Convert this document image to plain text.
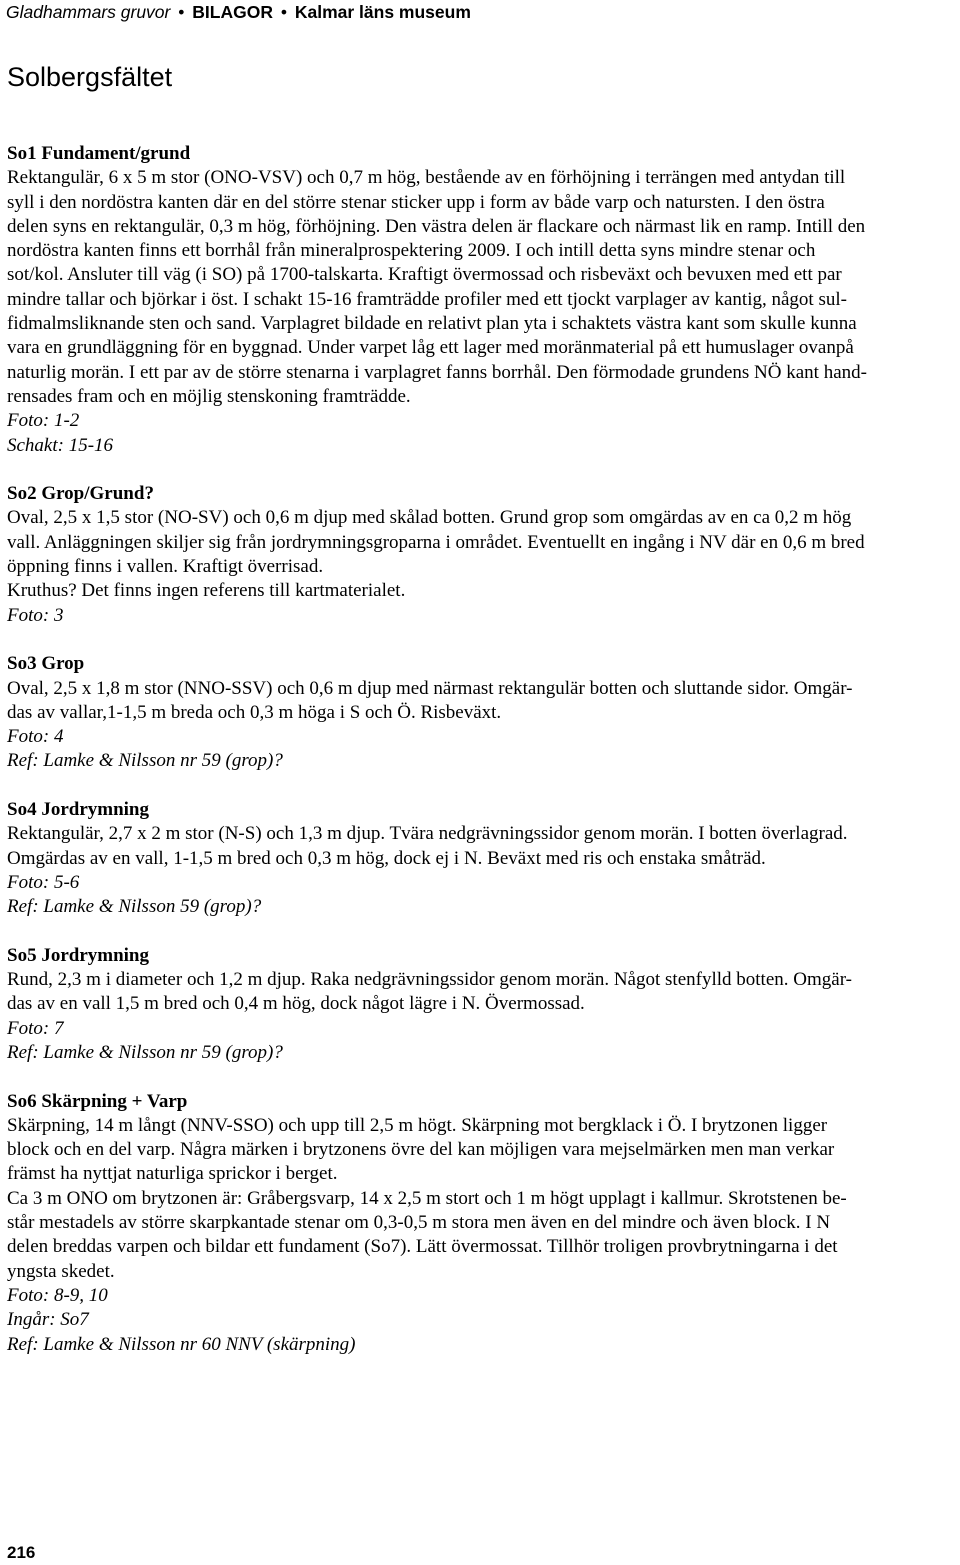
Gladhammars gruvor • BILAGOR • Kalmar läns museum
Solbergsfältet
So1 Fundament/grund
Rektangulär, 6 x 5 m stor (ONO-VSV) och 0,7 m hög, bestående av en förhöjning i terrängen med antydan till
syll i den nordöstra kanten där en del större stenar sticker upp i form av både varp och natursten. I den östra
delen syns en rektangulär, 0,3 m hög, förhöjning. Den västra delen är flackare och närmast lik en ramp. Intill den
nordöstra kanten finns ett borrhål från mineralprospektering 2009. I och intill detta syns mindre stenar och
sot/kol. Ansluter till väg (i SO) på 1700-talskarta. Kraftigt övermossad och risbeväxt och bevuxen med ett par
mindre tallar och björkar i öst. I schakt 15-16 framträdde profiler med ett tjockt varplager av kantig, något sul-
fidmalmsliknande sten och sand. Varplagret bildade en relativt plan yta i schaktets västra kant som skulle kunna
vara en grundläggning för en byggnad. Under varpet låg ett lager med moränmaterial på ett humuslager ovanpå
naturlig morän. I ett par av de större stenarna i varplagret fanns borrhål. Den förmodade grundens NÖ kant hand-
rensades fram och en möjlig stenskoning framträdde.
Foto: 1-2
Schakt: 15-16
So2 Grop/Grund?
Oval, 2,5 x 1,5 stor (NO-SV) och 0,6 m djup med skålad botten. Grund grop som omgärdas av en ca 0,2 m hög
vall. Anläggningen skiljer sig från jordrymningsgroparna i området. Eventuellt en ingång i NV där en 0,6 m bred
öppning finns i vallen. Kraftigt överrisad.
Kruthus? Det finns ingen referens till kartmaterialet.
Foto: 3
So3 Grop
Oval, 2,5 x 1,8 m stor (NNO-SSV) och 0,6 m djup med närmast rektangulär botten och sluttande sidor. Omgär-
das av vallar,1-1,5 m breda och 0,3 m höga i S och Ö. Risbeväxt.
Foto: 4
Ref: Lamke & Nilsson nr 59 (grop)?
So4 Jordrymning
Rektangulär, 2,7 x 2 m stor (N-S) och 1,3 m djup. Tvära nedgrävningssidor genom morän. I botten överlagrad.
Omgärdas av en vall, 1-1,5 m bred och 0,3 m hög, dock ej i N. Beväxt med ris och enstaka småträd.
Foto: 5-6
Ref: Lamke & Nilsson 59 (grop)?
So5 Jordrymning
Rund, 2,3 m i diameter och 1,2 m djup. Raka nedgrävningssidor genom morän. Något stenfylld botten. Omgär-
das av en vall 1,5 m bred och 0,4 m hög, dock något lägre i N. Övermossad.
Foto: 7
Ref: Lamke & Nilsson nr 59 (grop)?
So6 Skärpning + Varp
Skärpning, 14 m långt (NNV-SSO) och upp till 2,5 m högt. Skärpning mot bergklack i Ö. I brytzonen ligger
block och en del varp. Några märken i brytzonens övre del kan möjligen vara mejselmärken men man verkar
främst ha nyttjat naturliga sprickor i berget.
Ca 3 m ONO om brytzonen är: Gråbergsvarp, 14 x 2,5 m stort och 1 m högt upplagt i kallmur. Skrotstenen be-
står mestadels av större skarpkantade stenar om 0,3-0,5 m stora men även en del mindre och även block. I N
delen breddas varpen och bildar ett fundament (So7). Lätt övermossat. Tillhör troligen provbrytningarna i det
yngsta skedet.
Foto: 8-9, 10
Ingår: So7
Ref: Lamke & Nilsson nr 60 NNV (skärpning)
216
